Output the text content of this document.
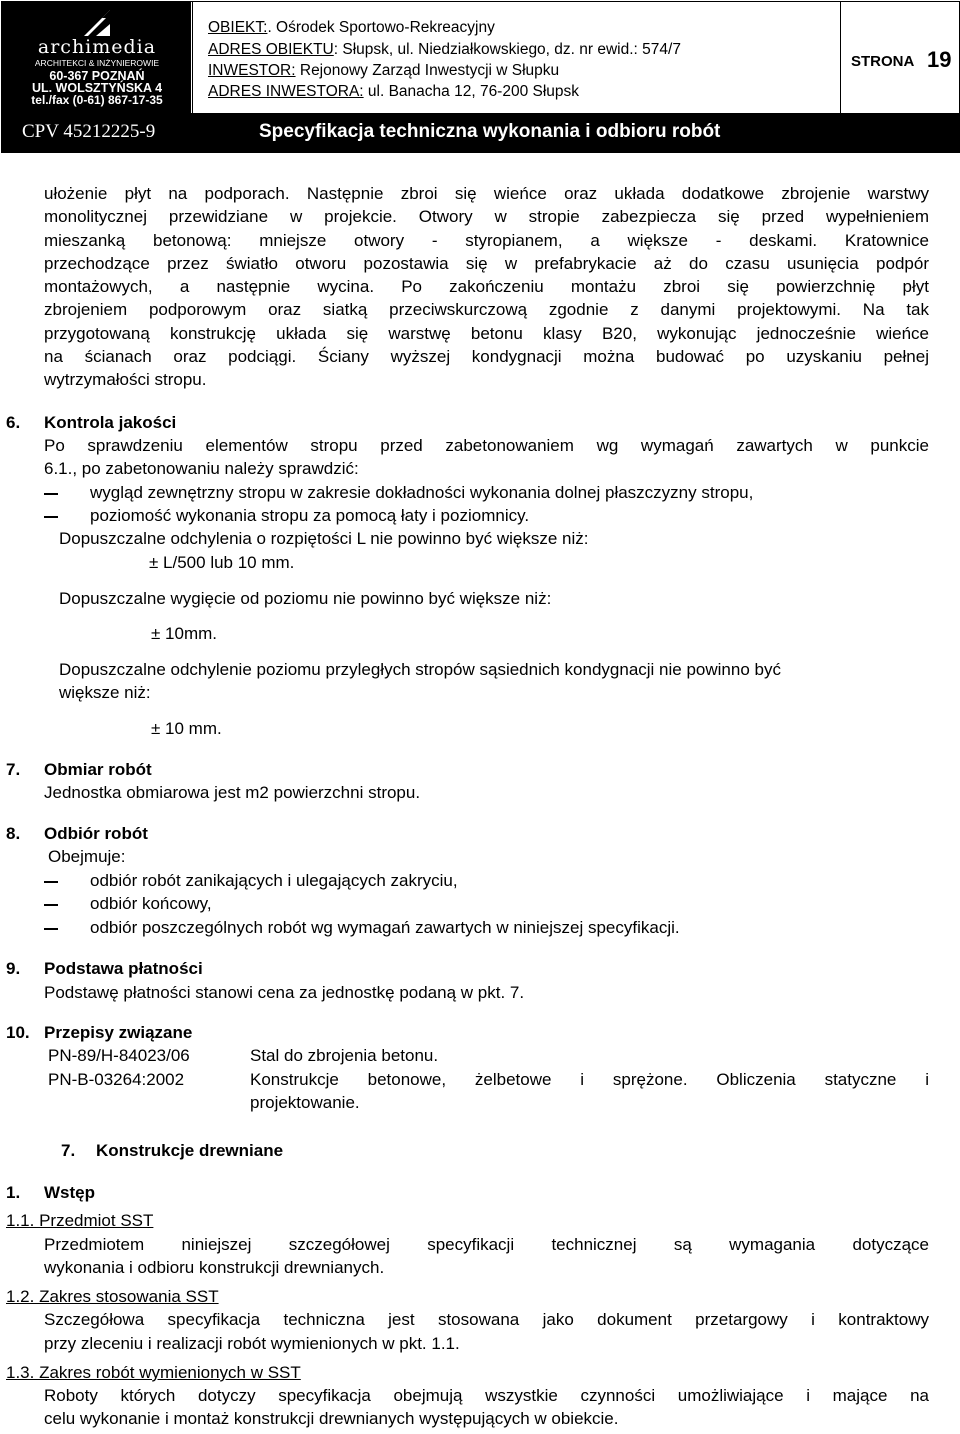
archimedia
ARCHITEKCI & INŻYNIEROWIE
60-367 POZNAŃ
UL. WOLSZTYŃSKA 4
tel./fax (0-61) 867-17-35
OBIEKT:. Ośrodek Sportowo-Rekreacyjny
ADRES OBIEKTU: Słupsk, ul. Niedziałkowskiego, dz. nr ewid.: 574/7
INWESTOR: Rejonowy Zarząd Inwestycji w Słupku
ADRES INWESTORA: ul. Banacha 12, 76-200 Słupsk
STRONA 19
CPV 45212225-9	Specyfikacja techniczna wykonania i odbioru robót
ułożenie płyt na podporach. Następnie zbroi się wieńce oraz układa dodatkowe zbrojenie warstwy
monolitycznej przewidziane w projekcie. Otwory w stropie zabezpiecza się przed wypełnieniem
mieszanką betonową: mniejsze otwory - styropianem, a większe - deskami. Kratownice
przechodzące przez światło otworu pozostawia się w prefabrykacie aż do czasu usunięcia podpór
montażowych, a następnie wycina. Po zakończeniu montażu zbroi się powierzchnię płyt
zbrojeniem podporowym oraz siatką przeciwskurczową zgodnie z danymi projektowymi. Na tak
przygotowaną konstrukcję układa się warstwę betonu klasy B20, wykonując jednocześnie wieńce
na ścianach oraz podciągi. Ściany wyższej kondygnacji można budować po uzyskaniu pełnej
wytrzymałości stropu.
6. Kontrola jakości
Po sprawdzeniu elementów stropu przed zabetonowaniem wg wymagań zawartych w punkcie
6.1., po zabetonowaniu należy sprawdzić:
wygląd zewnętrzny stropu w zakresie dokładności wykonania dolnej płaszczyzny stropu,
poziomość wykonania stropu za pomocą łaty i poziomnicy.
Dopuszczalne odchylenia o rozpiętości L nie powinno być większe niż:
± L/500 lub 10 mm.
Dopuszczalne wygięcie od poziomu nie powinno być większe niż:
± 10mm.
Dopuszczalne odchylenie poziomu przyległych stropów sąsiednich kondygnacji nie powinno być
większe niż:
± 10 mm.
7. Obmiar robót
Jednostka obmiarowa jest m2 powierzchni stropu.
8. Odbiór robót
Obejmuje:
odbiór robót zanikających i ulegających zakryciu,
odbiór końcowy,
odbiór poszczególnych robót wg wymagań zawartych w niniejszej specyfikacji.
9. Podstawa płatności
Podstawę płatności stanowi cena za jednostkę podaną w pkt. 7.
10. Przepisy związane
PN-89/H-84023/06	Stal do zbrojenia betonu.
PN-B-03264:2002	Konstrukcje betonowe, żelbetowe i sprężone. Obliczenia statyczne i
projektowanie.
7. Konstrukcje drewniane
1. Wstęp
1.1. Przedmiot SST
Przedmiotem niniejszej szczegółowej specyfikacji technicznej są wymagania dotyczące
wykonania i odbioru konstrukcji drewnianych.
1.2. Zakres stosowania SST
Szczegółowa specyfikacja techniczna jest stosowana jako dokument przetargowy i kontraktowy
przy zleceniu i realizacji robót wymienionych w pkt. 1.1.
1.3. Zakres robót wymienionych w SST
Roboty których dotyczy specyfikacja obejmują wszystkie czynności umożliwiające i mające na
celu wykonanie i montaż konstrukcji drewnianych występujących w obiekcie.
